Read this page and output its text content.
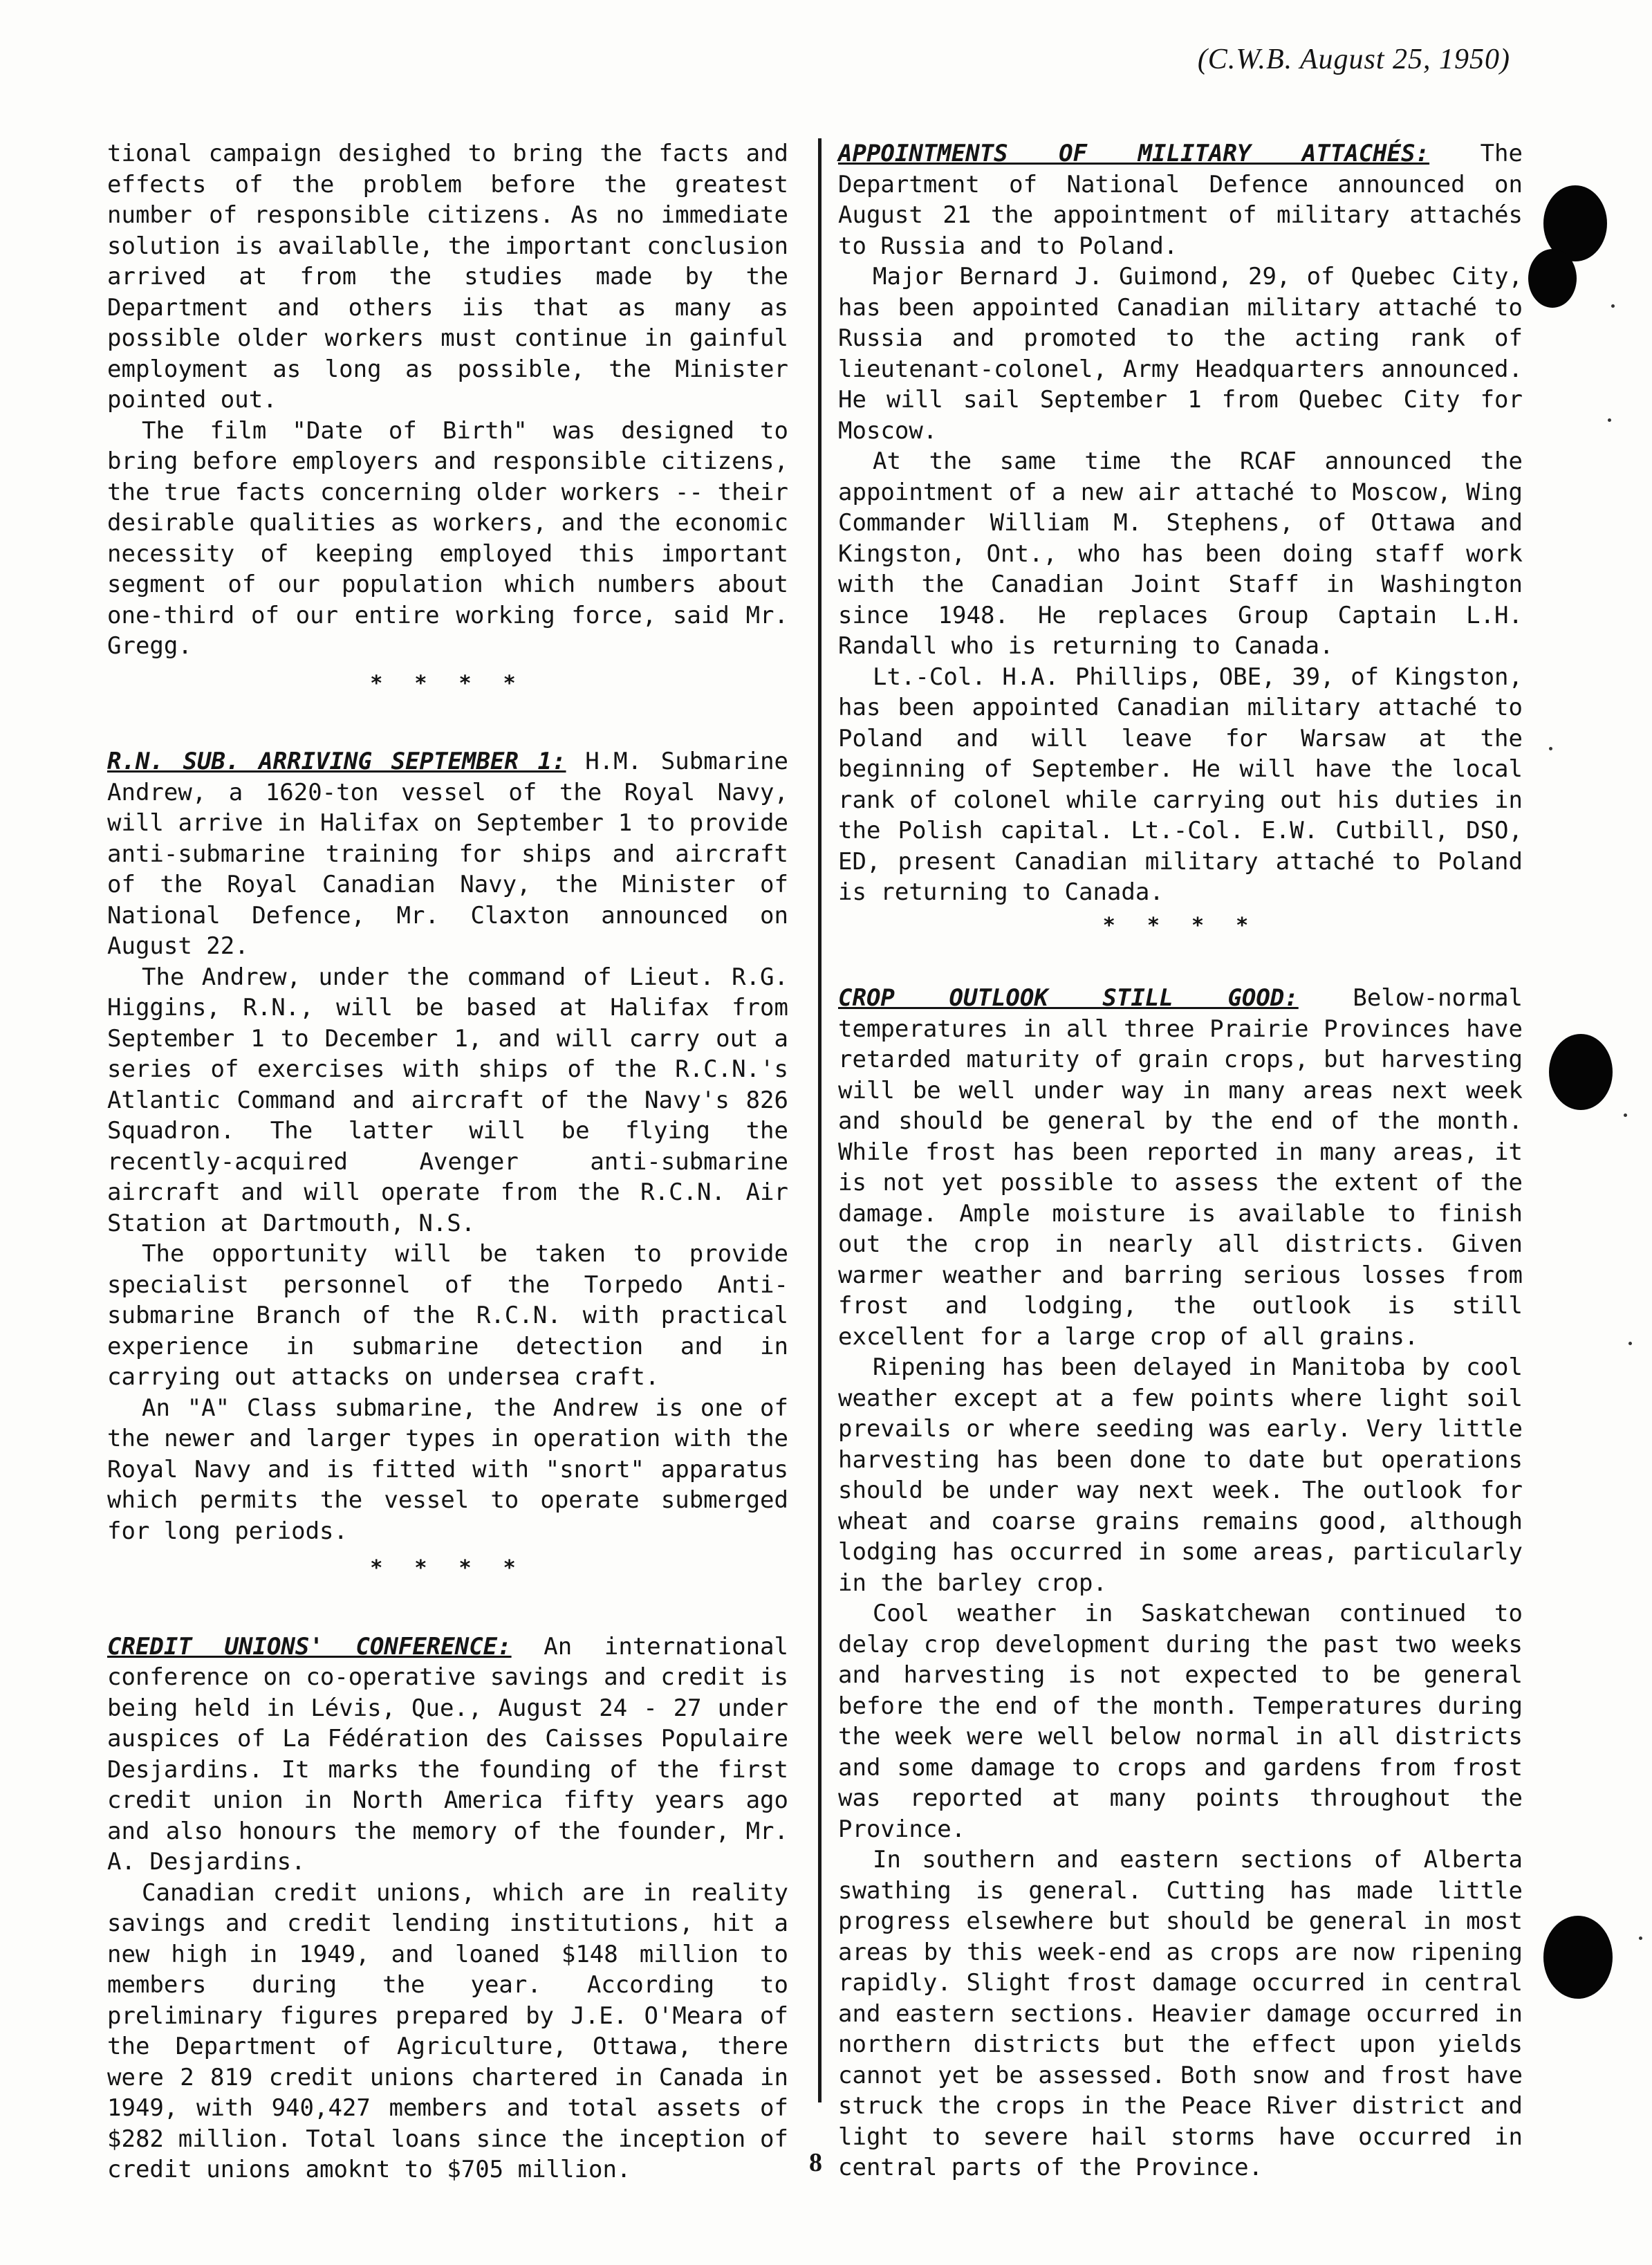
(C.W.B. August 25, 1950)

tional campaign desighed to bring the facts and effects of the problem before the greatest number of responsible citizens. As no immediate solution is availablle, the important conclusion arrived at from the studies made by the Department and others iis that as many as possible older workers must continue in gainful employment as long as possible, the Minister pointed out.

The film "Date of Birth" was designed to bring before employers and responsible citizens, the true facts concerning older workers -- their desirable qualities as workers, and the economic necessity of keeping employed this important segment of our population which numbers about one-third of our entire working force, said Mr. Gregg.

* * * *

R.N. SUB. ARRIVING SEPTEMBER 1: H.M. Submarine Andrew, a 1620-ton vessel of the Royal Navy, will arrive in Halifax on September 1 to provide anti-submarine training for ships and aircraft of the Royal Canadian Navy, the Minister of National Defence, Mr. Claxton announced on August 22.

The Andrew, under the command of Lieut. R.G. Higgins, R.N., will be based at Halifax from September 1 to December 1, and will carry out a series of exercises with ships of the R.C.N.'s Atlantic Command and aircraft of the Navy's 826 Squadron. The latter will be flying the recently-acquired Avenger anti-submarine aircraft and will operate from the R.C.N. Air Station at Dartmouth, N.S.

The opportunity will be taken to provide specialist personnel of the Torpedo Anti-submarine Branch of the R.C.N. with practical experience in submarine detection and in carrying out attacks on undersea craft.

An "A" Class submarine, the Andrew is one of the newer and larger types in operation with the Royal Navy and is fitted with "snort" apparatus which permits the vessel to operate submerged for long periods.

* * * *

CREDIT UNIONS' CONFERENCE: An international conference on co-operative savings and credit is being held in Lévis, Que., August 24 - 27 under auspices of La Fédération des Caisses Populaire Desjardins. It marks the founding of the first credit union in North America fifty years ago and also honours the memory of the founder, Mr. A. Desjardins.

Canadian credit unions, which are in reality savings and credit lending institutions, hit a new high in 1949, and loaned $148 million to members during the year. According to preliminary figures prepared by J.E. O'Meara of the Department of Agriculture, Ottawa, there were 2 819 credit unions chartered in Canada in 1949, with 940,427 members and total assets of $282 million. Total loans since the inception of credit unions amoknt to $705 million.

APPOINTMENTS OF MILITARY ATTACHÉS: The Department of National Defence announced on August 21 the appointment of military attachés to Russia and to Poland.

Major Bernard J. Guimond, 29, of Quebec City, has been appointed Canadian military attaché to Russia and promoted to the acting rank of lieutenant-colonel, Army Headquarters announced. He will sail September 1 from Quebec City for Moscow.

At the same time the RCAF announced the appointment of a new air attaché to Moscow, Wing Commander William M. Stephens, of Ottawa and Kingston, Ont., who has been doing staff work with the Canadian Joint Staff in Washington since 1948. He replaces Group Captain L.H. Randall who is returning to Canada.

Lt.-Col. H.A. Phillips, OBE, 39, of Kingston, has been appointed Canadian military attaché to Poland and will leave for Warsaw at the beginning of September. He will have the local rank of colonel while carrying out his duties in the Polish capital. Lt.-Col. E.W. Cutbill, DSO, ED, present Canadian military attaché to Poland is returning to Canada.

* * * *

CROP OUTLOOK STILL GOOD: Below-normal temperatures in all three Prairie Provinces have retarded maturity of grain crops, but harvesting will be well under way in many areas next week and should be general by the end of the month. While frost has been reported in many areas, it is not yet possible to assess the extent of the damage. Ample moisture is available to finish out the crop in nearly all districts. Given warmer weather and barring serious losses from frost and lodging, the outlook is still excellent for a large crop of all grains.

Ripening has been delayed in Manitoba by cool weather except at a few points where light soil prevails or where seeding was early. Very little harvesting has been done to date but operations should be under way next week. The outlook for wheat and coarse grains remains good, although lodging has occurred in some areas, particularly in the barley crop.

Cool weather in Saskatchewan continued to delay crop development during the past two weeks and harvesting is not expected to be general before the end of the month. Temperatures during the week were well below normal in all districts and some damage to crops and gardens from frost was reported at many points throughout the Province.

In southern and eastern sections of Alberta swathing is general. Cutting has made little progress elsewhere but should be general in most areas by this week-end as crops are now ripening rapidly. Slight frost damage occurred in central and eastern sections. Heavier damage occurred in northern districts but the effect upon yields cannot yet be assessed. Both snow and frost have struck the crops in the Peace River district and light to severe hail storms have occurred in central parts of the Province.

8
